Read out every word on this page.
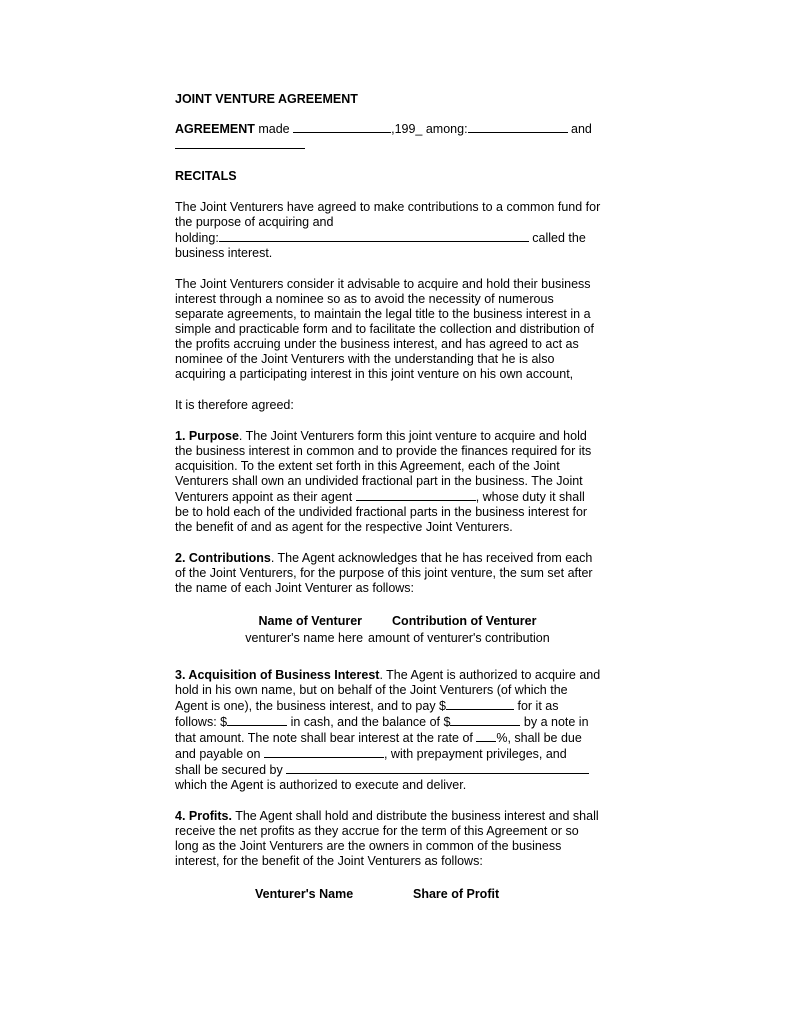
JOINT VENTURE AGREEMENT
AGREEMENT made	,199_ among:	and
RECITALS
The Joint Venturers have agreed to make contributions to a common fund for
the purpose of acquiring and
holding:	called the
business interest.
The Joint Venturers consider it advisable to acquire and hold their business
interest through a nominee so as to avoid the necessity of numerous
separate agreements, to maintain the legal title to the business interest in a
simple and practicable form and to facilitate the collection and distribution of
the profits accruing under the business interest, and has agreed to act as
nominee of the Joint Venturers with the understanding that he is also
acquiring a participating interest in this joint venture on his own account,
It is therefore agreed:
1. Purpose. The Joint Venturers form this joint venture to acquire and hold
the business interest in common and to provide the finances required for its
acquisition. To the extent set forth in this Agreement, each of the Joint
Venturers shall own an undivided fractional part in the business. The Joint
Venturers appoint as their agent	, whose duty it shall
be to hold each of the undivided fractional parts in the business interest for
the benefit of and as agent for the respective Joint Venturers.
2. Contributions. The Agent acknowledges that he has received from each
of the Joint Venturers, for the purpose of this joint venture, the sum set after
the name of each Joint Venturer as follows:
Name of Venturer Contribution of Venturer
venturer's name here amount of venturer's contribution
3. Acquisition of Business Interest. The Agent is authorized to acquire and
hold in his own name, but on behalf of the Joint Venturers (of which the
Agent is one), the business interest, and to pay $	for it as
follows: $	in cash, and the balance of $	by a note in
that amount. The note shall bear interest at the rate of %, shall be due
and payable on	, with prepayment privileges, and
shall be secured by
which the Agent is authorized to execute and deliver.
4. Profits. The Agent shall hold and distribute the business interest and shall
receive the net profits as they accrue for the term of this Agreement or so
long as the Joint Venturers are the owners in common of the business
interest, for the benefit of the Joint Venturers as follows:
Venturer's Name	Share of Profit
